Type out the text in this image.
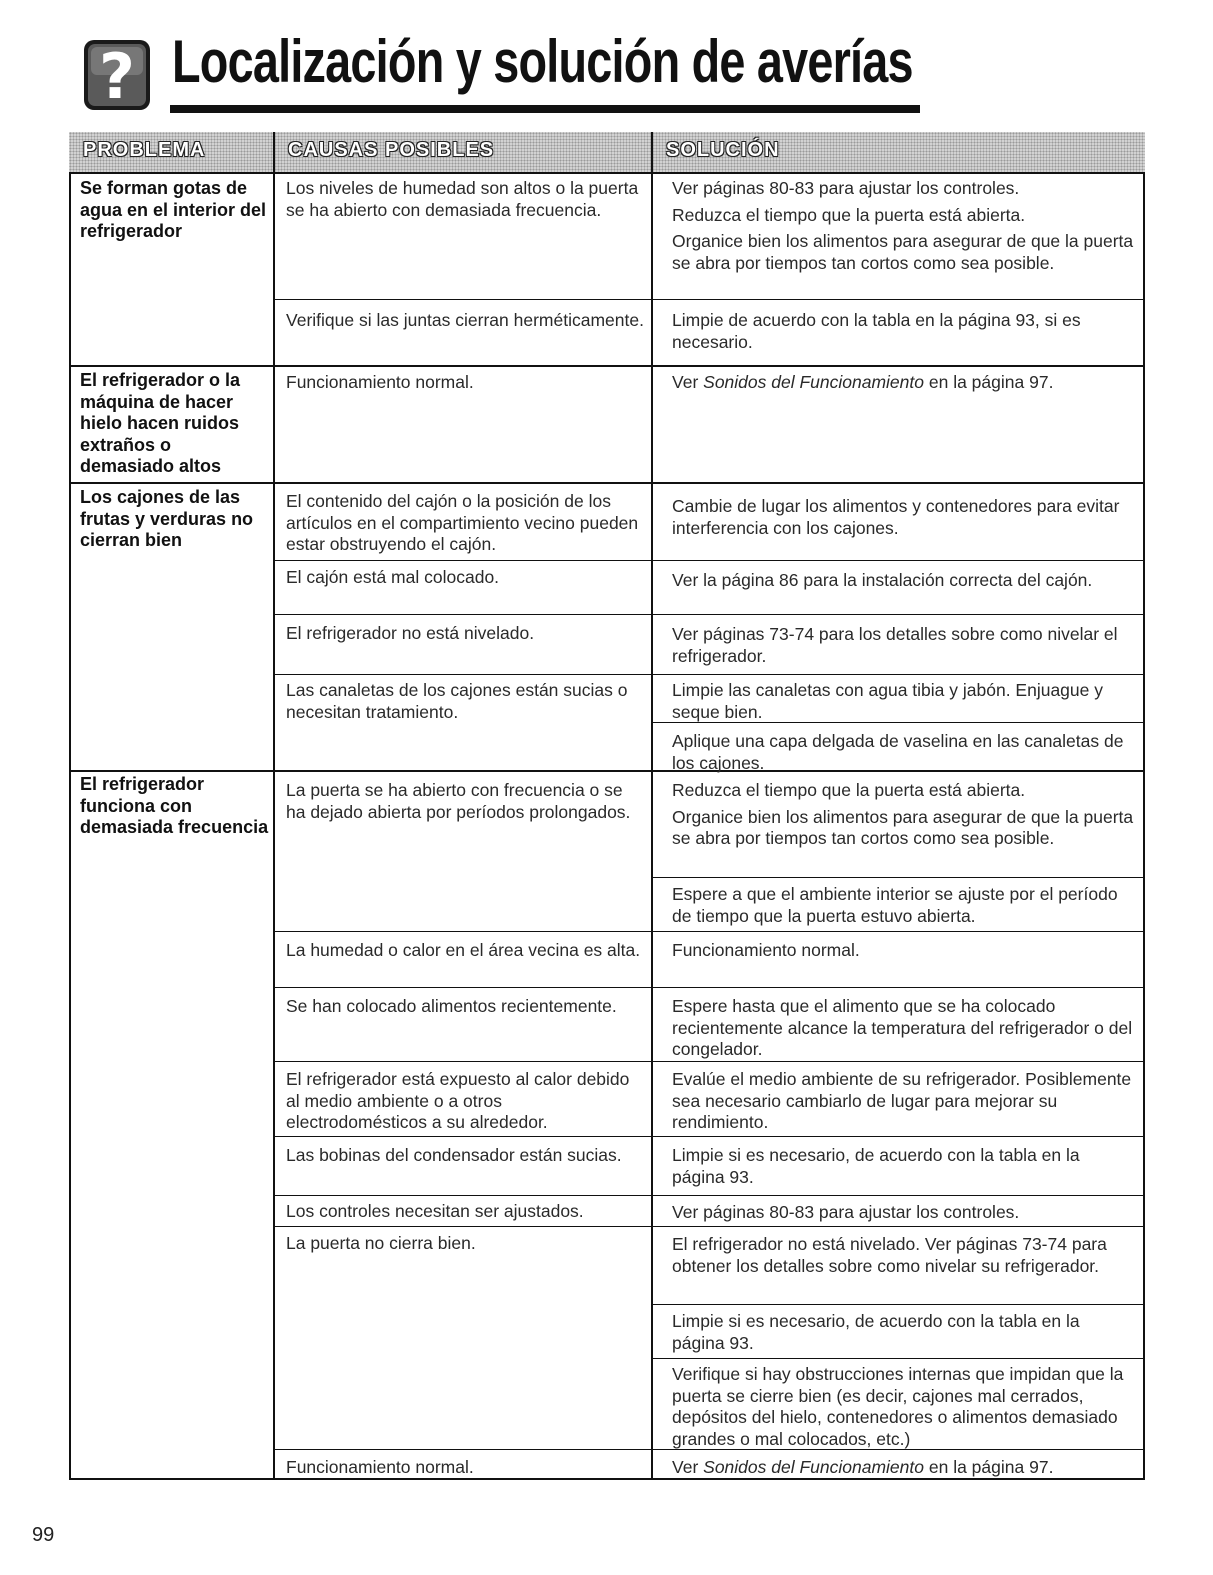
? Localización y solución de averías
PROBLEMA	CAUSAS POSIBLES	SOLUCIÓN
Se forman gotas de agua en el interior del refrigerador
El refrigerador o la máquina de hacer hielo hacen ruidos extraños o demasiado altos
Los cajones de las frutas y verduras no cierran bien
El refrigerador funciona con demasiada frecuencia
Los niveles de humedad son altos o la puerta se ha abierto con demasiada frecuencia.
Verifique si las juntas cierran herméticamente.
Funcionamiento normal.
El contenido del cajón o la posición de los artículos en el compartimiento vecino pueden estar obstruyendo el cajón.
El cajón está mal colocado.
El refrigerador no está nivelado.
Las canaletas de los cajones están sucias o necesitan tratamiento.
La puerta se ha abierto con frecuencia o se ha dejado abierta por períodos prolongados.
La humedad o calor en el área vecina es alta.
Se han colocado alimentos recientemente.
El refrigerador está expuesto al calor debido al medio ambiente o a otros electrodomésticos a su alrededor.
Las bobinas del condensador están sucias.
Los controles necesitan ser ajustados.
La puerta no cierra bien.
Funcionamiento normal.

Ver páginas 80-83 para ajustar los controles.

Reduzca el tiempo que la puerta está abierta.

Organice bien los alimentos para asegurar de que la puerta se abra por tiempos tan cortos como sea posible.

Limpie de acuerdo con la tabla en la página 93, si es necesario.
Ver Sonidos del Funcionamiento en la página 97.
Cambie de lugar los alimentos y contenedores para evitar interferencia con los cajones.
Ver la página 86 para la instalación correcta del cajón.
Ver páginas 73-74 para los detalles sobre como nivelar el refrigerador.
Limpie las canaletas con agua tibia y jabón. Enjuague y seque bien.
Aplique una capa delgada de vaselina en las canaletas de los cajones.

Reduzca el tiempo que la puerta está abierta.

Organice bien los alimentos para asegurar de que la puerta se abra por tiempos tan cortos como sea posible.

Espere a que el ambiente interior se ajuste por el período de tiempo que la puerta estuvo abierta.
Funcionamiento normal.
Espere hasta que el alimento que se ha colocado recientemente alcance la temperatura del refrigerador o del congelador.
Evalúe el medio ambiente de su refrigerador. Posiblemente sea necesario cambiarlo de lugar para mejorar su rendimiento.
Limpie si es necesario, de acuerdo con la tabla en la página 93.
Ver páginas 80-83 para ajustar los controles.
El refrigerador no está nivelado. Ver páginas 73-74 para obtener los detalles sobre como nivelar su refrigerador.
Limpie si es necesario, de acuerdo con la tabla en la página 93.
Verifique si hay obstrucciones internas que impidan que la puerta se cierre bien (es decir, cajones mal cerrados, depósitos del hielo, contenedores o alimentos demasiado grandes o mal colocados, etc.)
Ver Sonidos del Funcionamiento en la página 97.
99
